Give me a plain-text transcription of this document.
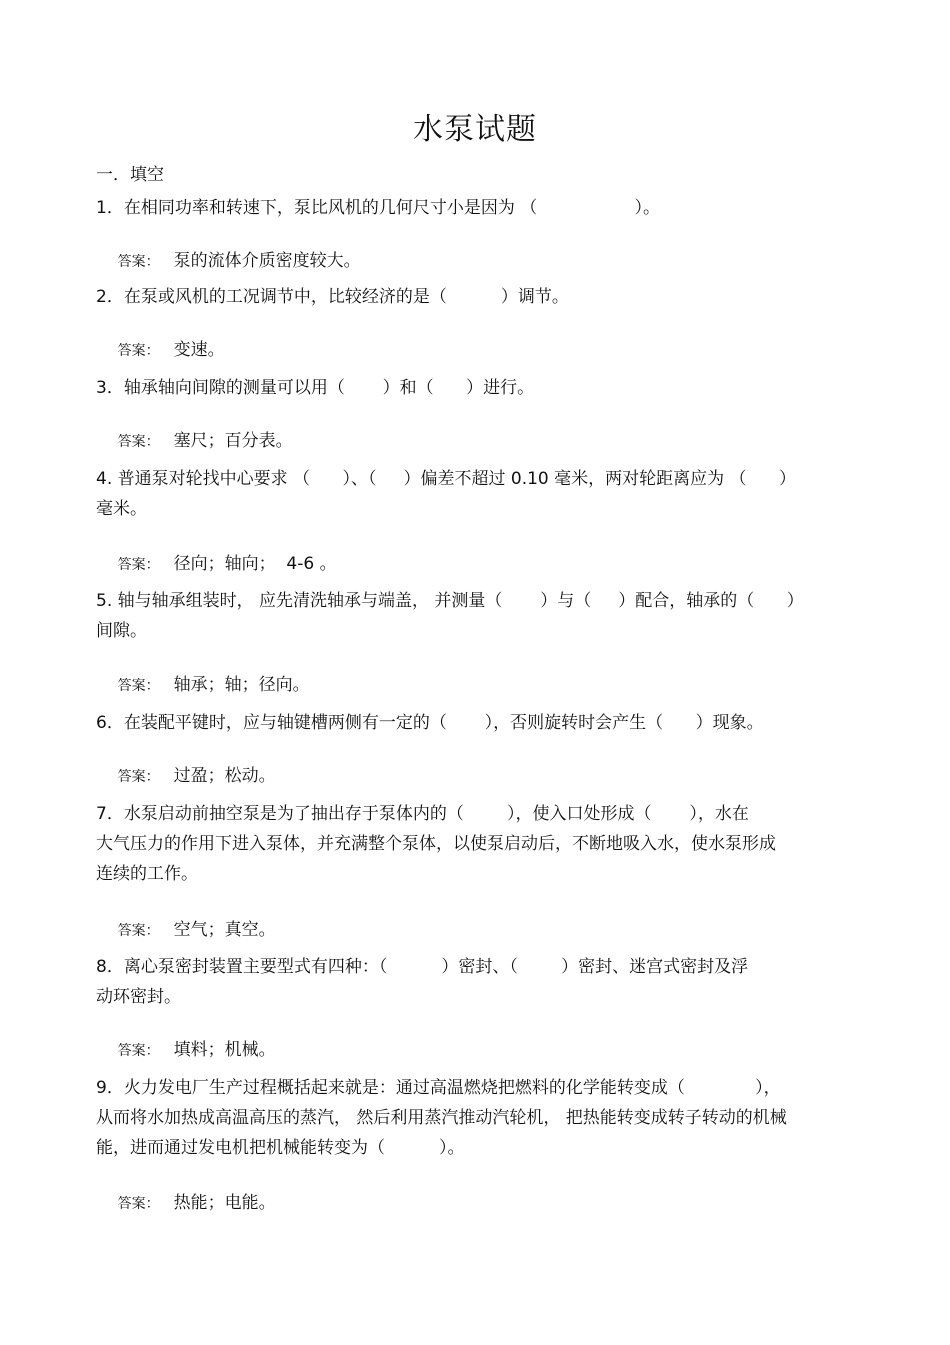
水泵试题
一．填空
1．在相同功率和转速下，泵比风机的几何尺寸小是因为 （                  ）。

答案： 泵的流体介质密度较大。

2．在泵或风机的工况调节中，比较经济的是（          ）调节。

答案： 变速。

3．轴承轴向间隙的测量可以用（       ）和（      ）进行。

答案： 塞尺；百分表。

4. 普通泵对轮找中心要求 （      ）、（     ）偏差不超过 0.10 毫米，两对轮距离应为 （      ）
毫米。

答案： 径向；轴向；  4-6 。

5. 轴与轴承组装时， 应先清洗轴承与端盖， 并测量（       ）与（     ）配合，轴承的（      ）
间隙。

答案： 轴承；轴；径向。

6．在装配平键时，应与轴键槽两侧有一定的（       ），否则旋转时会产生（      ）现象。

答案： 过盈；松动。

7．水泵启动前抽空泵是为了抽出存于泵体内的（        ），使入口处形成（       ），水在
大气压力的作用下进入泵体，并充满整个泵体，以使泵启动后，不断地吸入水，使水泵形成
连续的工作。

答案： 空气；真空。

8．离心泵密封装置主要型式有四种：（          ）密封、（        ）密封、迷宫式密封及浮
动环密封。

答案： 填料；机械。

9．火力发电厂生产过程概括起来就是：通过高温燃烧把燃料的化学能转变成（             ），
从而将水加热成高温高压的蒸汽， 然后利用蒸汽推动汽轮机， 把热能转变成转子转动的机械
能，进而通过发电机把机械能转变为（          ）。

答案： 热能；电能。
